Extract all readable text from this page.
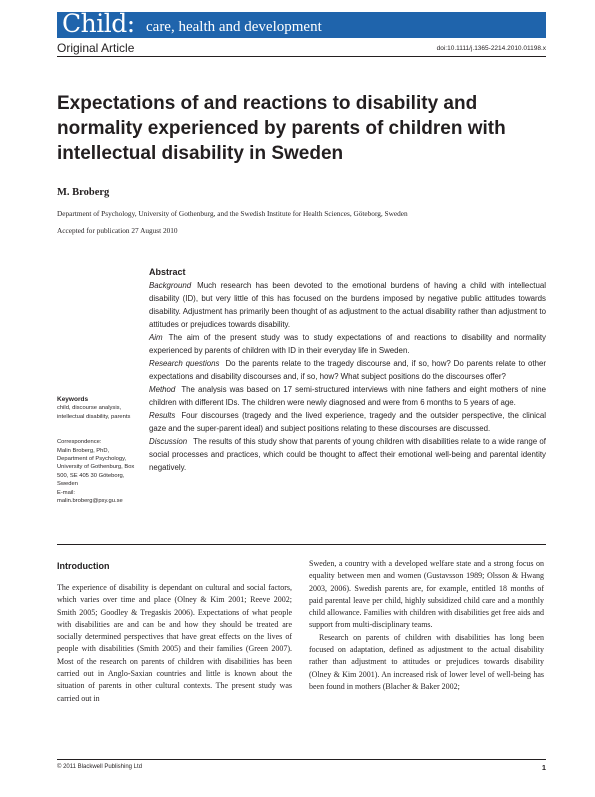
Child: care, health and development
Original Article	doi:10.1111/j.1365-2214.2010.01198.x
Expectations of and reactions to disability and normality experienced by parents of children with intellectual disability in Sweden
M. Broberg
Department of Psychology, University of Gothenburg, and the Swedish Institute for Health Sciences, Göteborg, Sweden
Accepted for publication 27 August 2010
Abstract

Background Much research has been devoted to the emotional burdens of having a child with intellectual disability (ID), but very little of this has focused on the burdens imposed by negative public attitudes towards disability. Adjustment has primarily been thought of as adjustment to the actual disability rather than adjustment to attitudes or prejudices towards disability.

Aim The aim of the present study was to study expectations of and reactions to disability and normality experienced by parents of children with ID in their everyday life in Sweden.

Research questions Do the parents relate to the tragedy discourse and, if so, how? Do parents relate to other expectations and disability discourses and, if so, how? What subject positions do the discourses offer?

Method The analysis was based on 17 semi-structured interviews with nine fathers and eight mothers of nine children with different IDs. The children were newly diagnosed and were from 6 months to 5 years of age.

Results Four discourses (tragedy and the lived experience, tragedy and the outsider perspective, the clinical gaze and the super-parent ideal) and subject positions relating to these discourses are discussed.

Discussion The results of this study show that parents of young children with disabilities relate to a wide range of social processes and practices, which could be thought to affect their emotional well-being and parental identity negatively.

Keywords
child, discourse analysis, intellectual disability, parents
Correspondence:
Malin Broberg, PhD, Department of Psychology, University of Gothenburg, Box 500, SE 405 30 Göteborg, Sweden
E-mail:
malin.broberg@psy.gu.se
Introduction

The experience of disability is dependant on cultural and social factors, which varies over time and place (Olney & Kim 2001; Reeve 2002; Smith 2005; Goodley & Tregaskis 2006). Expectations of what people with disabilities are and can be and how they should be treated are socially determined perspectives that have great effects on the lives of people with disabilities (Smith 2005) and their families (Green 2007). Most of the research on parents of children with disabilities has been carried out in Anglo-Saxian countries and little is known about the situation of parents in other cultural contexts. The present study was carried out in

Sweden, a country with a developed welfare state and a strong focus on equality between men and women (Gustavsson 1989; Olsson & Hwang 2003, 2006). Swedish parents are, for example, entitled 18 months of paid parental leave per child, highly subsidized child care and a monthly child allowance. Families with children with disabilities get free aids and support from multi-disciplinary teams.

Research on parents of children with disabilities has long been focused on adaptation, defined as adjustment to the actual disability rather than adjustment to attitudes or prejudices towards disability (Olney & Kim 2001). An increased risk of lower level of well-being has been found in mothers (Blacher & Baker 2002;

© 2011 Blackwell Publishing Ltd	1
